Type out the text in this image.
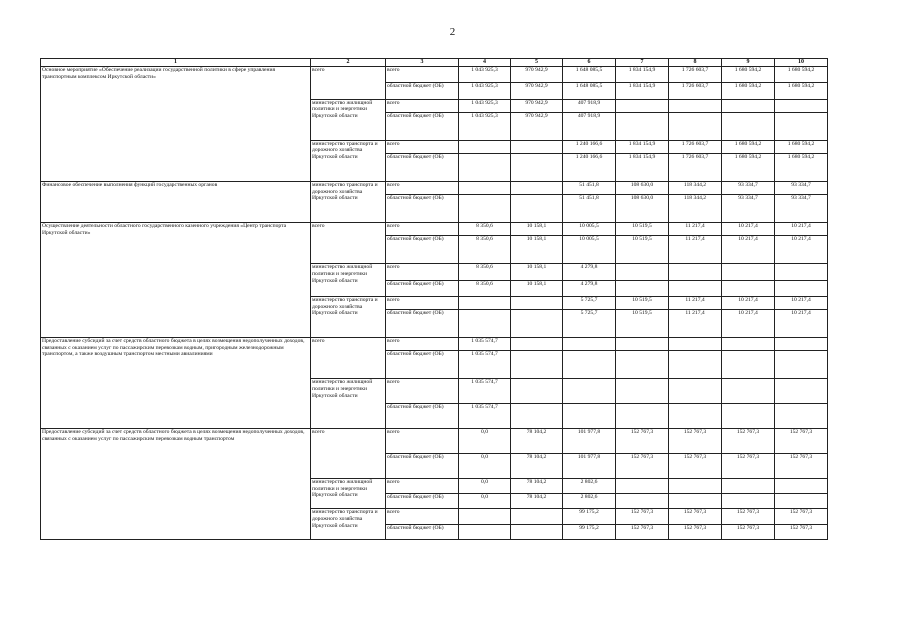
2
1	2	3	4	5	6	7	8	9	10
Основное мероприятие «Обеспечение реализации государственной политики в сфере управления транспортным комплексом Иркутской области»	всего	всего	1 043 925,3	970 942,9	1 648 085,5	1 834 154,9	1 726 603,7	1 680 594,2	1 680 594,2
		областной бюджет (ОБ)	1 043 925,3	970 942,9	1 648 085,5	1 834 154,9	1 726 603,7	1 680 594,2	1 680 594,2
	министерство жилищной политики и энергетики Иркутской области	всего	1 043 925,3	970 942,9	407 918,9				
		областной бюджет (ОБ)	1 043 925,3	970 942,9	407 918,9				
	министерство транспорта и дорожного хозяйства Иркутской области	всего			1 240 166,6	1 834 154,9	1 726 603,7	1 680 594,2	1 680 594,2
		областной бюджет (ОБ)			1 240 166,6	1 834 154,9	1 726 603,7	1 680 594,2	1 680 594,2
Финансовое обеспечение выполнения функций государственных органов	министерство транспорта и дорожного хозяйства Иркутской области	всего			51 451,8	108 630,0	118 344,2	93 334,7	93 334,7
		областной бюджет (ОБ)			51 451,8	108 630,0	118 344,2	93 334,7	93 334,7
Осуществление деятельности областного государственного казенного учреждения «Центр транспорта Иркутской области»	всего	всего	8 350,6	10 158,1	10 005,5	10 519,5	11 217,4	10 217,4	10 217,4
		областной бюджет (ОБ)	8 350,6	10 158,1	10 005,5	10 519,5	11 217,4	10 217,4	10 217,4
	министерство жилищной политики и энергетики Иркутской области	всего	8 350,6	10 158,1	4 279,8				
		областной бюджет (ОБ)	8 350,6	10 158,1	4 279,8				
	министерство транспорта и дорожного хозяйства Иркутской области	всего			5 725,7	10 519,5	11 217,4	10 217,4	10 217,4
		областной бюджет (ОБ)			5 725,7	10 519,5	11 217,4	10 217,4	10 217,4
Предоставление субсидий за счет средств областного бюджета в целях возмещения недополученных доходов, связанных с оказанием услуг по пассажирским перевозкам водным, пригородным железнодорожным транспортом, а также воздушным транспортом местными авиалиниями	всего	всего	1 035 574,7						
		областной бюджет (ОБ)	1 035 574,7						
	министерство жилищной политики и энергетики Иркутской области	всего	1 035 574,7						
		областной бюджет (ОБ)	1 035 574,7						
Предоставление субсидий за счет средств областного бюджета в целях возмещения недополученных доходов, связанных с оказанием услуг по пассажирским перевозкам водным транспортом	всего	всего	0,0	78 104,2	101 977,8	152 767,3	152 767,3	152 767,3	152 767,3
		областной бюджет (ОБ)	0,0	78 104,2	101 977,8	152 767,3	152 767,3	152 767,3	152 767,3
	министерство жилищной политики и энергетики Иркутской области	всего	0,0	78 104,2	2 802,6				
		областной бюджет (ОБ)	0,0	78 104,2	2 802,6				
	министерство транспорта и дорожного хозяйства Иркутской области	всего			99 175,2	152 767,3	152 767,3	152 767,3	152 767,3
		областной бюджет (ОБ)			99 175,2	152 767,3	152 767,3	152 767,3	152 767,3
